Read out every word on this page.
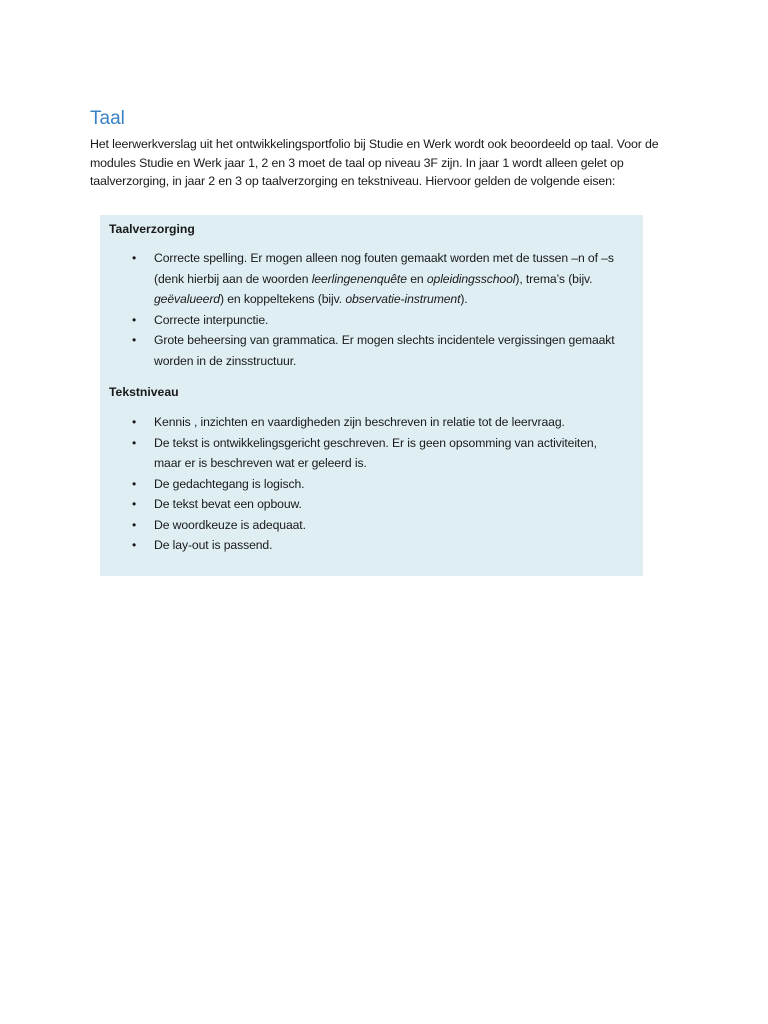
Taal

Het leerwerkverslag uit het ontwikkelingsportfolio bij Studie en Werk wordt ook beoordeeld op taal. Voor de modules Studie en Werk jaar 1, 2 en 3 moet de taal op niveau 3F zijn. In jaar 1 wordt alleen gelet op taalverzorging, in jaar 2 en 3 op taalverzorging en tekstniveau. Hiervoor gelden de volgende eisen:

Taalverzorging

• Correcte spelling. Er mogen alleen nog fouten gemaakt worden met de tussen –n of –s (denk hierbij aan de woorden leerlingenenquête en opleidingsschool), trema’s (bijv. geëvalueerd) en koppeltekens (bijv. observatie-instrument).
• Correcte interpunctie.
• Grote beheersing van grammatica. Er mogen slechts incidentele vergissingen gemaakt worden in de zinsstructuur.

Tekstniveau

• Kennis , inzichten en vaardigheden zijn beschreven in relatie tot de leervraag.
• De tekst is ontwikkelingsgericht geschreven. Er is geen opsomming van activiteiten, maar er is beschreven wat er geleerd is.
• De gedachtegang is logisch.
• De tekst bevat een opbouw.
• De woordkeuze is adequaat.
• De lay-out is passend.
